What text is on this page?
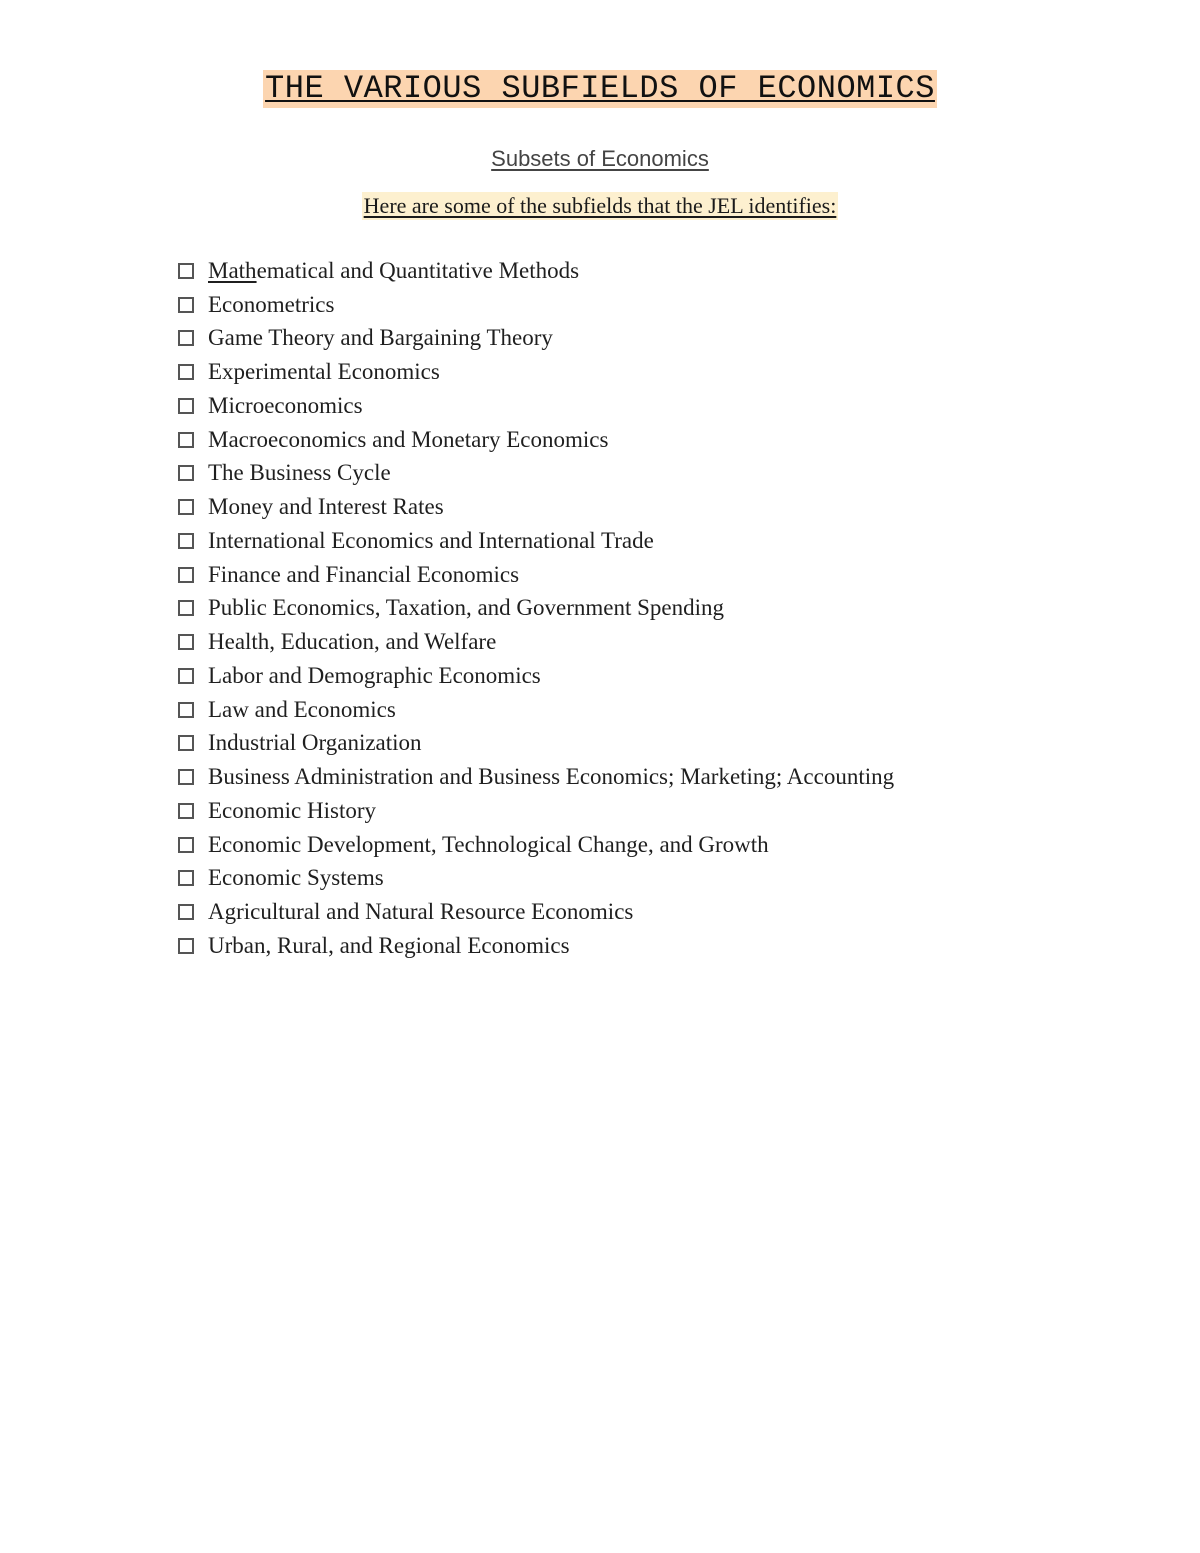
THE VARIOUS SUBFIELDS OF ECONOMICS
Subsets of Economics
Here are some of the subfields that the JEL identifies:
Mathematical and Quantitative Methods
Econometrics
Game Theory and Bargaining Theory
Experimental Economics
Microeconomics
Macroeconomics and Monetary Economics
The Business Cycle
Money and Interest Rates
International Economics and International Trade
Finance and Financial Economics
Public Economics, Taxation, and Government Spending
Health, Education, and Welfare
Labor and Demographic Economics
Law and Economics
Industrial Organization
Business Administration and Business Economics; Marketing; Accounting
Economic History
Economic Development, Technological Change, and Growth
Economic Systems
Agricultural and Natural Resource Economics
Urban, Rural, and Regional Economics
